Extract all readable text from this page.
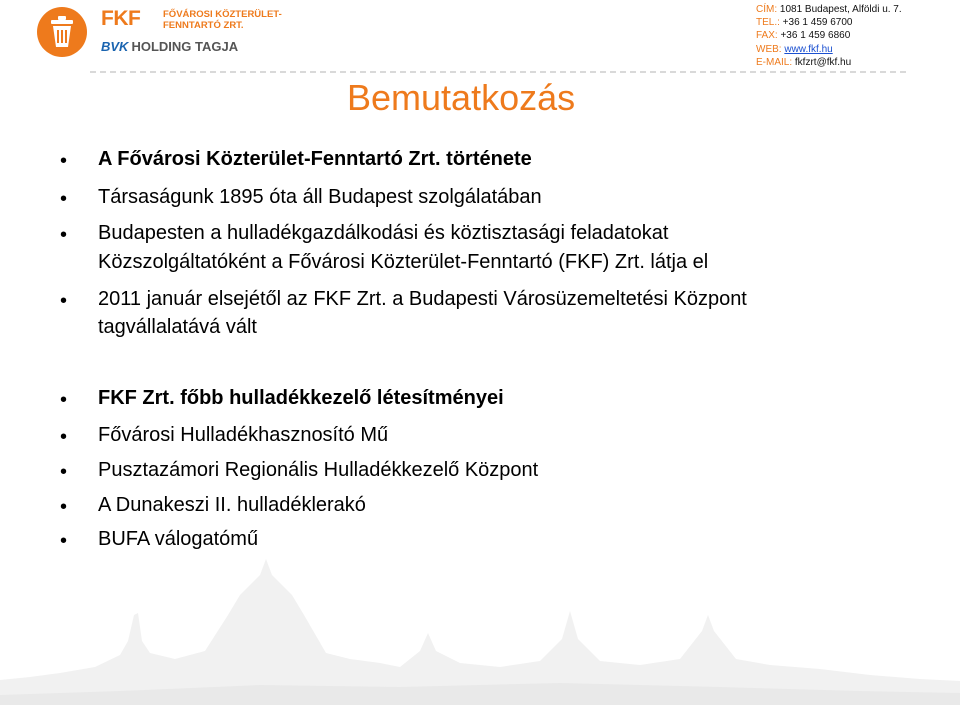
FKF FŐVÁROSI KÖZTERÜLET-
FENNTARTÓ ZRT.
BVK HOLDING TAGJA
CÍM: 1081 Budapest, Alföldi u. 7.
TEL.: +36 1 459 6700
FAX: +36 1 459 6860
WEB: www.fkf.hu
E-MAIL: fkfzrt@fkf.hu
Bemutatkozás
• A Fővárosi Közterület-Fenntartó Zrt. története
• Társaságunk 1895 óta áll Budapest szolgálatában
• Budapesten a hulladékgazdálkodási és köztisztasági feladatokat
Közszolgáltatóként a Fővárosi Közterület-Fenntartó (FKF) Zrt. látja el
• 2011 január elsejétől az FKF Zrt. a Budapesti Városüzemeltetési Központ
tagvállalatává vált
• FKF Zrt. főbb hulladékkezelő létesítményei
• Fővárosi Hulladékhasznosító Mű
• Pusztazámori Regionális Hulladékkezelő Központ
• A Dunakeszi II. hulladéklerakó
• BUFA válogatómű
